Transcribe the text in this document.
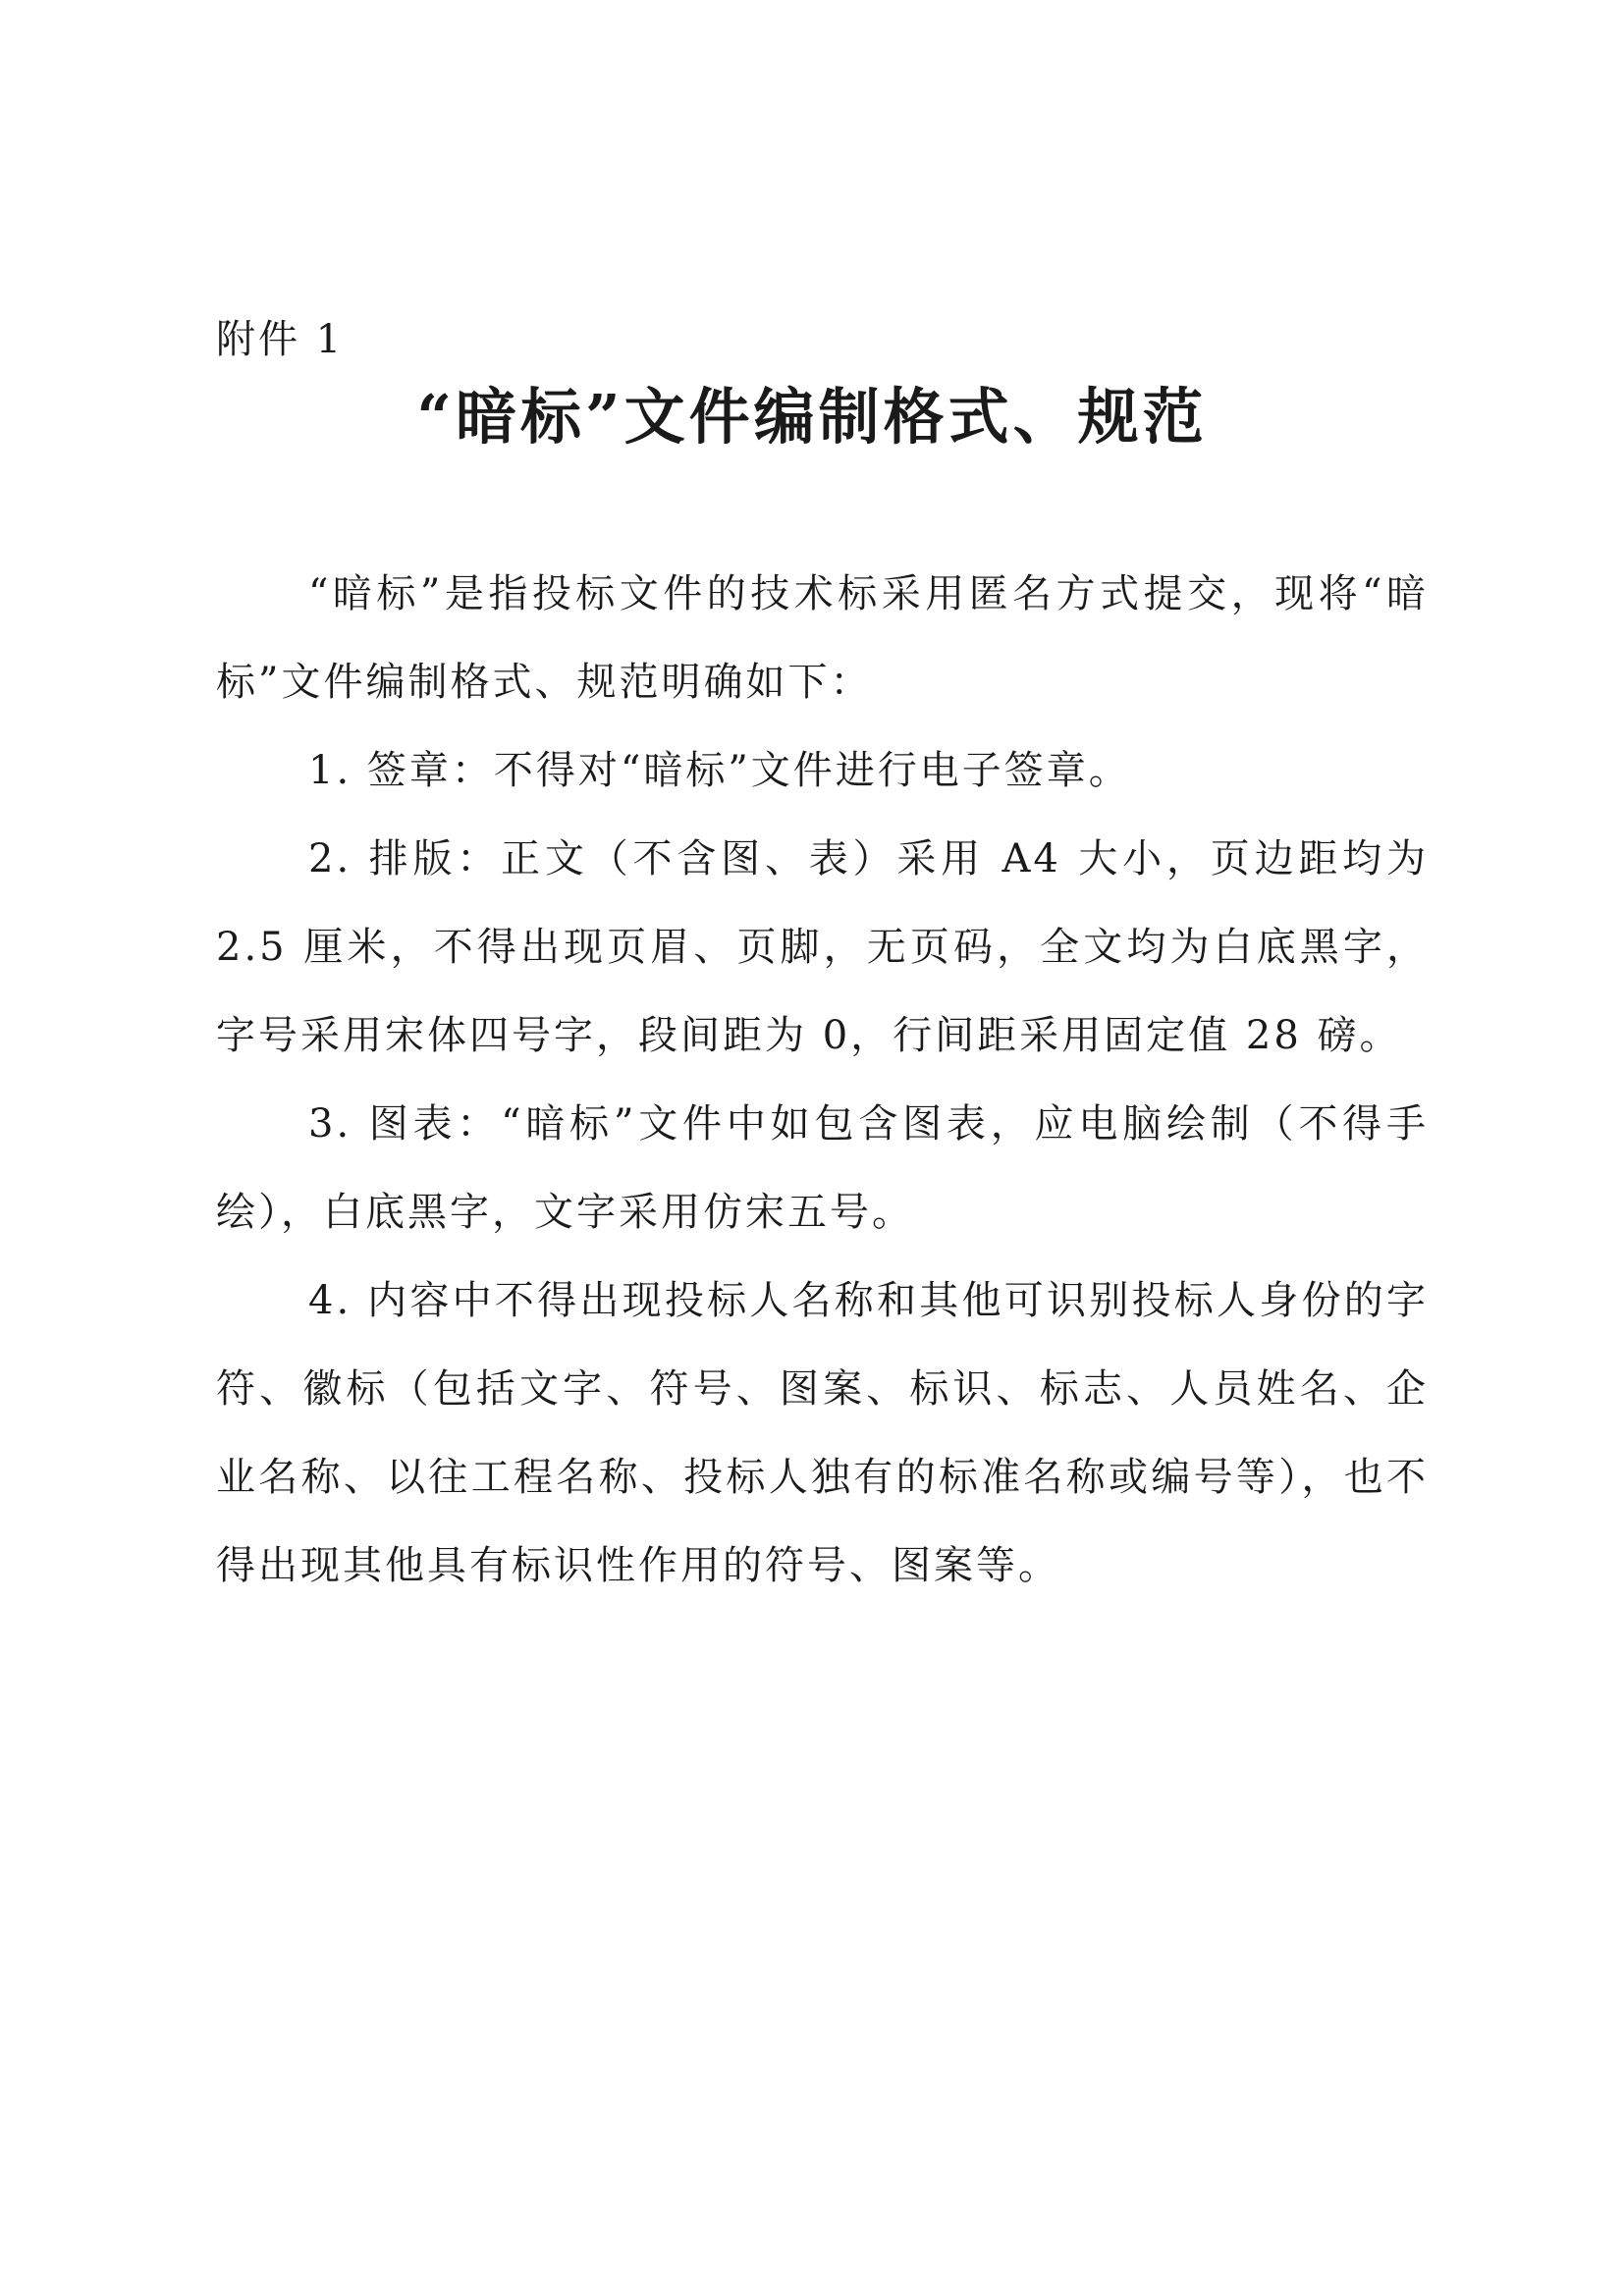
附件 1
“暗标”文件编制格式、规范

“暗标”是指投标文件的技术标采用匿名方式提交，现将“暗标”文件编制格式、规范明确如下：

1. 签章：不得对“暗标”文件进行电子签章。

2. 排版：正文（不含图、表）采用 A4 大小，页边距均为 2.5 厘米，不得出现页眉、页脚，无页码，全文均为白底黑字，字号采用宋体四号字，段间距为 0，行间距采用固定值 28 磅。

3. 图表：“暗标”文件中如包含图表，应电脑绘制（不得手绘），白底黑字，文字采用仿宋五号。

4. 内容中不得出现投标人名称和其他可识别投标人身份的字符、徽标（包括文字、符号、图案、标识、标志、人员姓名、企业名称、以往工程名称、投标人独有的标准名称或编号等），也不得出现其他具有标识性作用的符号、图案等。
